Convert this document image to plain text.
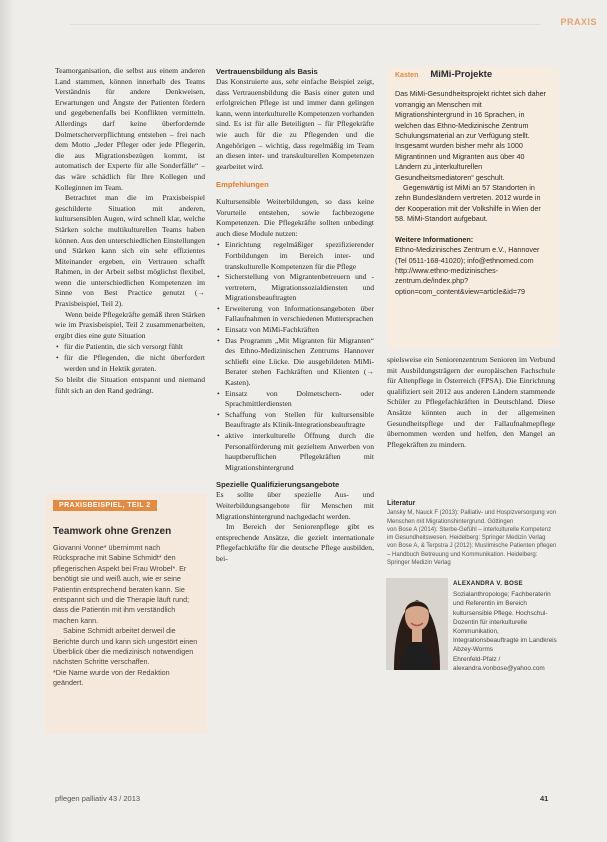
PRAXIS

Teamorganisation, die selbst aus einem anderen Land stammen, können innerhalb des Teams Verständnis für andere Denkweisen, Erwartungen und Ängste der Patienten fördern und gegebenenfalls bei Konflikten vermitteln. Allerdings darf keine überfordernde Dolmetscherverpflichtung entstehen – frei nach dem Motto „Jeder Pfleger oder jede Pflegerin, die aus Migrationsbezügen kommt, ist automatisch der Experte für alle Sonderfälle“ – das wäre schädlich für Ihre Kollegen und Kolleginnen im Team.

Betrachtet man die im Praxisbeispiel geschilderte Situation mit anderen, kultursensiblen Augen, wird schnell klar, welche Stärken solche multikulturellen Teams haben können. Aus den unterschiedlichen Einstellungen und Stärken kann sich ein sehr effizientes Miteinander ergeben, ein Vertrauen schafft Rahmen, in der Arbeit selbst möglichst flexibel, wenn die unterschiedlichen Kompetenzen im Sinne von Best Practice genutzt (→ Praxisbeispiel, Teil 2).

Wenn beide Pflegekräfte gemäß ihren Stärken wie im Praxisbeispiel, Teil 2 zusammenarbeiten, ergibt dies eine gute Situation

• für die Patientin, die sich versorgt fühlt
• für die Pflegenden, die nicht überfordert werden und in Hektik geraten.

So bleibt die Situation entspannt und niemand fühlt sich an den Rand gedrängt.

PRAXISBEISPIEL, TEIL 2
Teamwork ohne Grenzen

Giovanni Vonne* übernimmt nach Rücksprache mit Sabine Schmidt* den pflegerischen Aspekt bei Frau Wrobel*. Er benötigt sie und weiß auch, wie er seine Patientin entsprechend beraten kann. Sie entspannt sich und die Therapie läuft rund; dass die Patientin mit ihm verständlich machen kann.

Sabine Schmidt arbeitet derweil die Berichte durch und kann sich ungestört einen Überblick über die medizinisch notwendigen nächsten Schritte verschaffen.

*Die Name wurde von der Redaktion geändert.

Vertrauensbildung als Basis

Das Konstruierte aus, sehr einfache Beispiel zeigt, dass Vertrauensbildung die Basis einer guten und erfolgreichen Pflege ist und immer dann gelingen kann, wenn interkulturelle Kompetenzen vorhanden sind. Es ist für alle Beteiligten – für Pflegekräfte wie auch für die zu Pflegenden und die Angehörigen – wichtig, dass regelmäßig im Team an diesen inter- und transkulturellen Kompetenzen gearbeitet wird.

Empfehlungen

Kultursensible Weiterbildungen, so dass keine Vorurteile entstehen, sowie fachbezogene Kompetenzen. Die Pflegekräfte sollten unbedingt auch diese Module nutzen:

• Einrichtung regelmäßiger spezifizierender Fortbildungen im Bereich inter- und transkulturelle Kompetenzen für die Pflege
• Sicherstellung von Migrantenbetreuern und -vertretern, Migrationssozialdiensten und Migrationsbeauftragten
• Erweiterung von Informationsangeboten über Fallaufnahmen in verschiedenen Muttersprachen
• Einsatz von MiMi-Fachkräften
• Das Programm „Mit Migranten für Migranten“ des Ethno-Medizinischen Zentrums Hannover schließt eine Lücke. Die ausgebildeten MiMi-Berater stehen Fachkräften und Klienten (→ Kasten).
• Einsatz von Dolmetschern- oder Sprachmittlerdiensten
• Schaffung von Stellen für kultursensible Beauftragte als Klinik-Integrationsbeauftragte
• aktive interkulturelle Öffnung durch die Personalförderung mit gezieltem Anwerben von hauptberuflichen Pflegekräften mit Migrationshintergrund
Spezielle Qualifizierungsangebote

Es sollte über spezielle Aus- und Weiterbildungsangebote für Menschen mit Migrationshintergrund nachgedacht werden.

Im Bereich der Seniorenpflege gibt es entsprechende Ansätze, die gezielt internationale Pflegefachkräfte für die deutsche Pflege ausbilden, bei-

Kasten MiMi-Projekte

Das MiMi-Gesundheitsprojekt richtet sich daher vorrangig an Menschen mit Migrationshintergrund in 16 Sprachen, in welchen das Ethno-Medizinische Zentrum Schulungsmaterial an zur Verfügung stellt. Insgesamt wurden bisher mehr als 1000 Migrantinnen und Migranten aus über 40 Ländern zu „interkulturellen Gesundheitsmediatoren“ geschult.

Gegenwärtig ist MiMi an 57 Standorten in zehn Bundesländern vertreten. 2012 wurde in der Kooperation mit der Volkshilfe in Wien der 58. MiMi-Standort aufgebaut.

Weitere Informationen:

Ethno-Medizinisches Zentrum e.V., Hannover (Tel 0511-168-41020); info@ethnomed.com http://www.ethno-medizinisches-zentrum.de/index.php?option=com_content&view=article&id=79

spielsweise ein Seniorenzentrum Senioren im Verbund mit Ausbildungsträgern der europäischen Fachschule für Altenpflege in Österreich (FPSA). Die Einrichtung qualifiziert seit 2012 aus anderen Ländern stammende Schüler zu Pflegefachkräften in Deutschland. Diese Ansätze könnten auch in der allgemeinen Gesundheitspflege und der Fallaufnahmepflege übernommen werden und helfen, den Mangel an Pflegekräften zu mindern.

Literatur

Jansky M, Nauck F (2013): Palliativ- und Hospizversorgung von Menschen mit Migrationshintergrund. Göttingen

von Bose A (2014): Sterbe-Gefühl – interkulturelle Kompetenz im Gesundheitswesen. Heidelberg: Springer Medizin Verlag

von Bose A, & Terpstra J (2012): Muslimische Patienten pflegen – Handbuch Betreuung und Kommunikation. Heidelberg: Springer Medizin Verlag

ALEXANDRA V. BOSE

Sozialanthropologe; Fachberaterin und Referentin im Bereich kultursensible Pflege. Hochschul-Dozentin für interkulturelle Kommunikation, Integrationsbeauftragte im Landkreis Abzey-Worms

Ehrenfeld-Pfalz / alexandra.vonbose@yahoo.com

pflegen palliativ 43 / 2013	41
